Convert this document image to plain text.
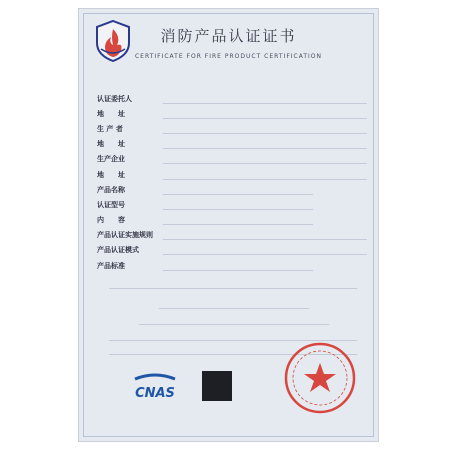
消防产品认证证书
CERTIFICATE FOR FIRE PRODUCT CERTIFICATION
认证委托人
地　　址
生 产 者
地　　址
生产企业
地　　址
产品名称
认证型号
内　　容
产品认证实施规则
产品认证模式
产品标准
CNAS
